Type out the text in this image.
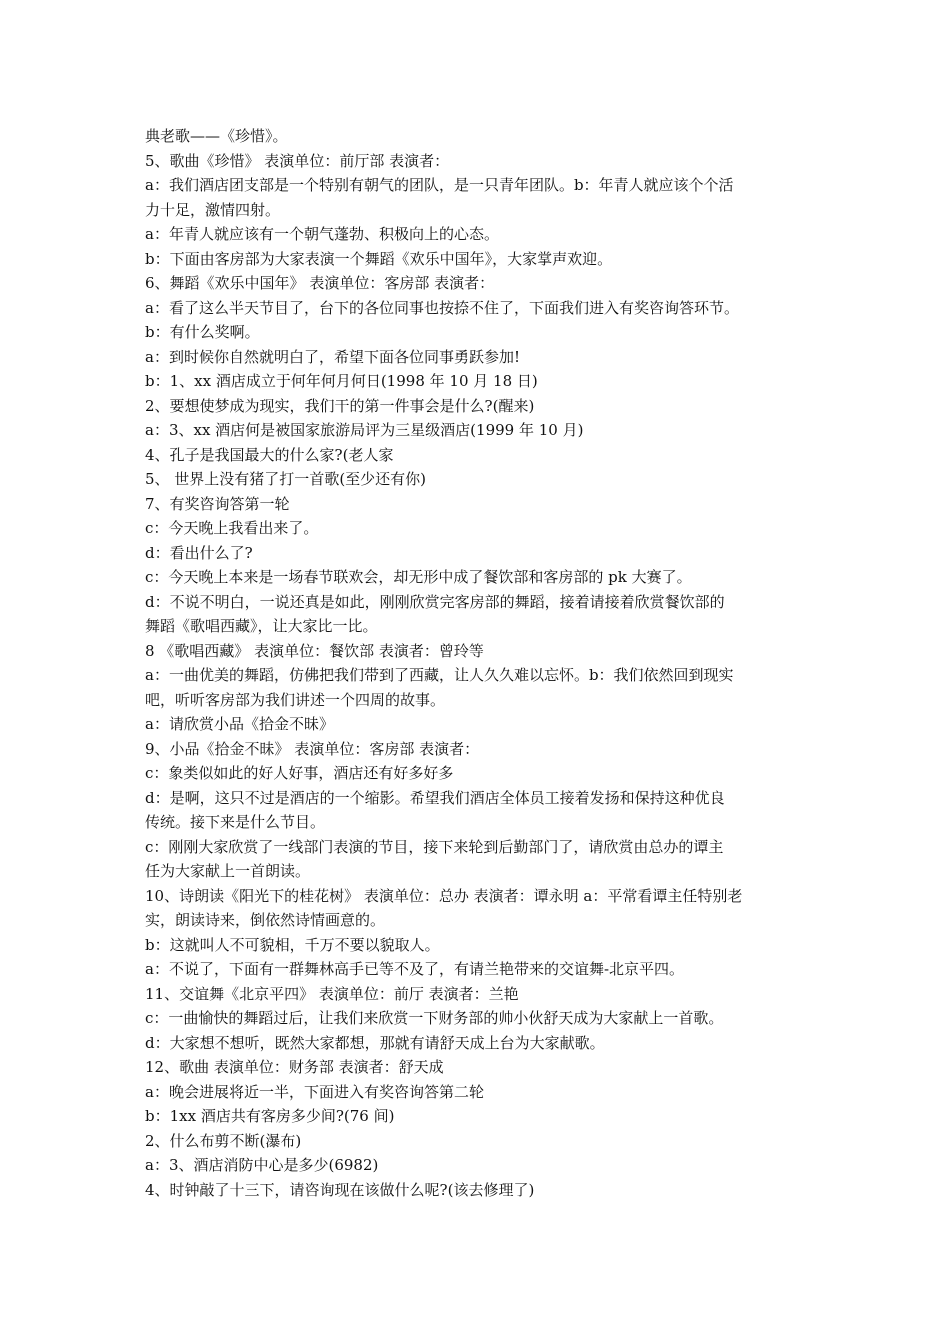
典老歌——《珍惜》。
5、歌曲《珍惜》 表演单位：前厅部 表演者：
a：我们酒店团支部是一个特别有朝气的团队，是一只青年团队。b：年青人就应该个个活
力十足，激情四射。
a：年青人就应该有一个朝气蓬勃、积极向上的心态。
b：下面由客房部为大家表演一个舞蹈《欢乐中国年》，大家掌声欢迎。
6、舞蹈《欢乐中国年》 表演单位：客房部 表演者：
a：看了这么半天节目了，台下的各位同事也按捺不住了，下面我们进入有奖咨询答环节。
b：有什么奖啊。
a：到时候你自然就明白了，希望下面各位同事勇跃参加!
b：1、xx 酒店成立于何年何月何日(1998 年 10 月 18 日)
2、要想使梦成为现实，我们干的第一件事会是什么?(醒来)
a：3、xx 酒店何是被国家旅游局评为三星级酒店(1999 年 10 月)
4、孔子是我国最大的什么家?(老人家
5、 世界上没有猪了打一首歌(至少还有你)
7、有奖咨询答第一轮
c：今天晚上我看出来了。
d：看出什么了?
c：今天晚上本来是一场春节联欢会，却无形中成了餐饮部和客房部的 pk 大赛了。
d：不说不明白，一说还真是如此，刚刚欣赏完客房部的舞蹈，接着请接着欣赏餐饮部的
舞蹈《歌唱西藏》，让大家比一比。
8 《歌唱西藏》 表演单位：餐饮部 表演者：曾玲等
a：一曲优美的舞蹈，仿佛把我们带到了西藏，让人久久难以忘怀。b：我们依然回到现实
吧，听听客房部为我们讲述一个四周的故事。
a：请欣赏小品《拾金不昧》
9、小品《拾金不昧》 表演单位：客房部 表演者：
c：象类似如此的好人好事，酒店还有好多好多
d：是啊，这只不过是酒店的一个缩影。希望我们酒店全体员工接着发扬和保持这种优良
传统。接下来是什么节目。
c：刚刚大家欣赏了一线部门表演的节目，接下来轮到后勤部门了，请欣赏由总办的谭主
任为大家献上一首朗读。
10、诗朗读《阳光下的桂花树》 表演单位：总办 表演者：谭永明 a：平常看谭主任特别老
实，朗读诗来，倒依然诗情画意的。
b：这就叫人不可貌相，千万不要以貌取人。
a：不说了，下面有一群舞林高手已等不及了，有请兰艳带来的交谊舞-北京平四。
11、交谊舞《北京平四》 表演单位：前厅 表演者：兰艳
c：一曲愉快的舞蹈过后，让我们来欣赏一下财务部的帅小伙舒天成为大家献上一首歌。
d：大家想不想听，既然大家都想，那就有请舒天成上台为大家献歌。
12、歌曲 表演单位：财务部 表演者：舒天成
a：晚会进展将近一半，下面进入有奖咨询答第二轮
b：1xx 酒店共有客房多少间?(76 间)
2、什么布剪不断(瀑布)
a：3、酒店消防中心是多少(6982)
4、时钟敲了十三下，请咨询现在该做什么呢?(该去修理了)
